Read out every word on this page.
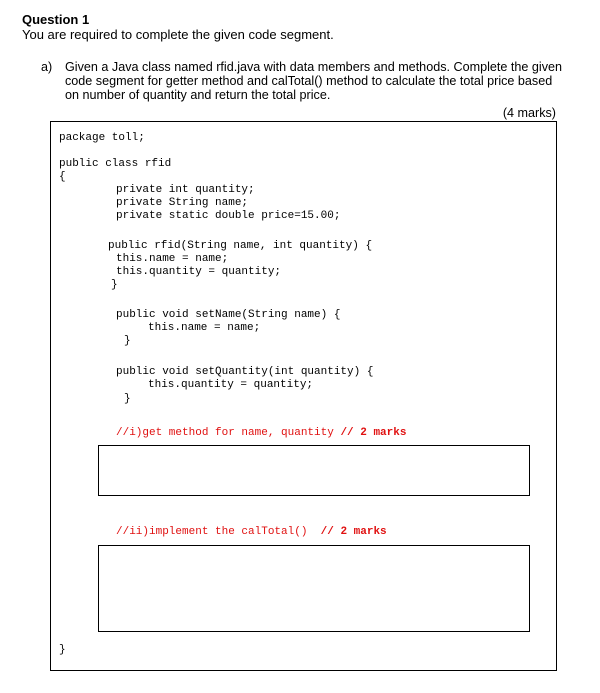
Question 1
You are required to complete the given code segment.
a) Given a Java class named rfid.java with data members and methods. Complete the given code segment for getter method and calTotal() method to calculate the total price based on number of quantity and return the total price.
(4 marks)
package toll;
public class rfid
{
private int quantity;
private String name;
private static double price=15.00;
public rfid(String name, int quantity) {
this.name = name;
this.quantity = quantity;
}
public void setName(String name) {
this.name = name;
}
public void setQuantity(int quantity) {
this.quantity = quantity;
}
//i)get method for name, quantity // 2 marks
//ii)implement the calTotal()  // 2 marks
}
